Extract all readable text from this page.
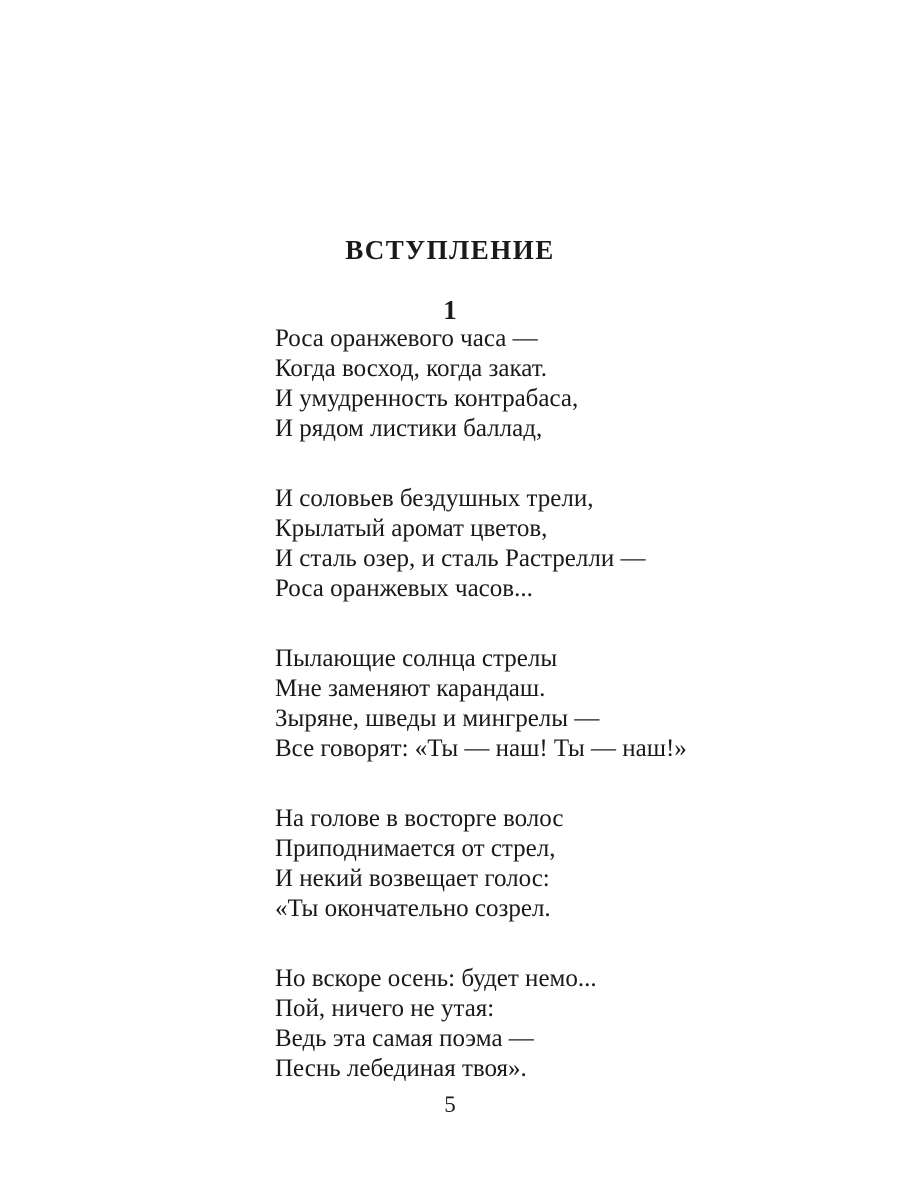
ВСТУПЛЕНИЕ
1
Роса оранжевого часа —
Когда восход, когда закат.
И умудренность контрабаса,
И рядом листики баллад,
И соловьев бездушных трели,
Крылатый аромат цветов,
И сталь озер, и сталь Растрелли —
Роса оранжевых часов...
Пылающие солнца стрелы
Мне заменяют карандаш.
Зыряне, шведы и мингрелы —
Все говорят: «Ты — наш! Ты — наш!»
На голове в восторге волос
Приподнимается от стрел,
И некий возвещает голос:
«Ты окончательно созрел.
Но вскоре осень: будет немо...
Пой, ничего не утая:
Ведь эта самая поэма —
Песнь лебединая твоя».
5
